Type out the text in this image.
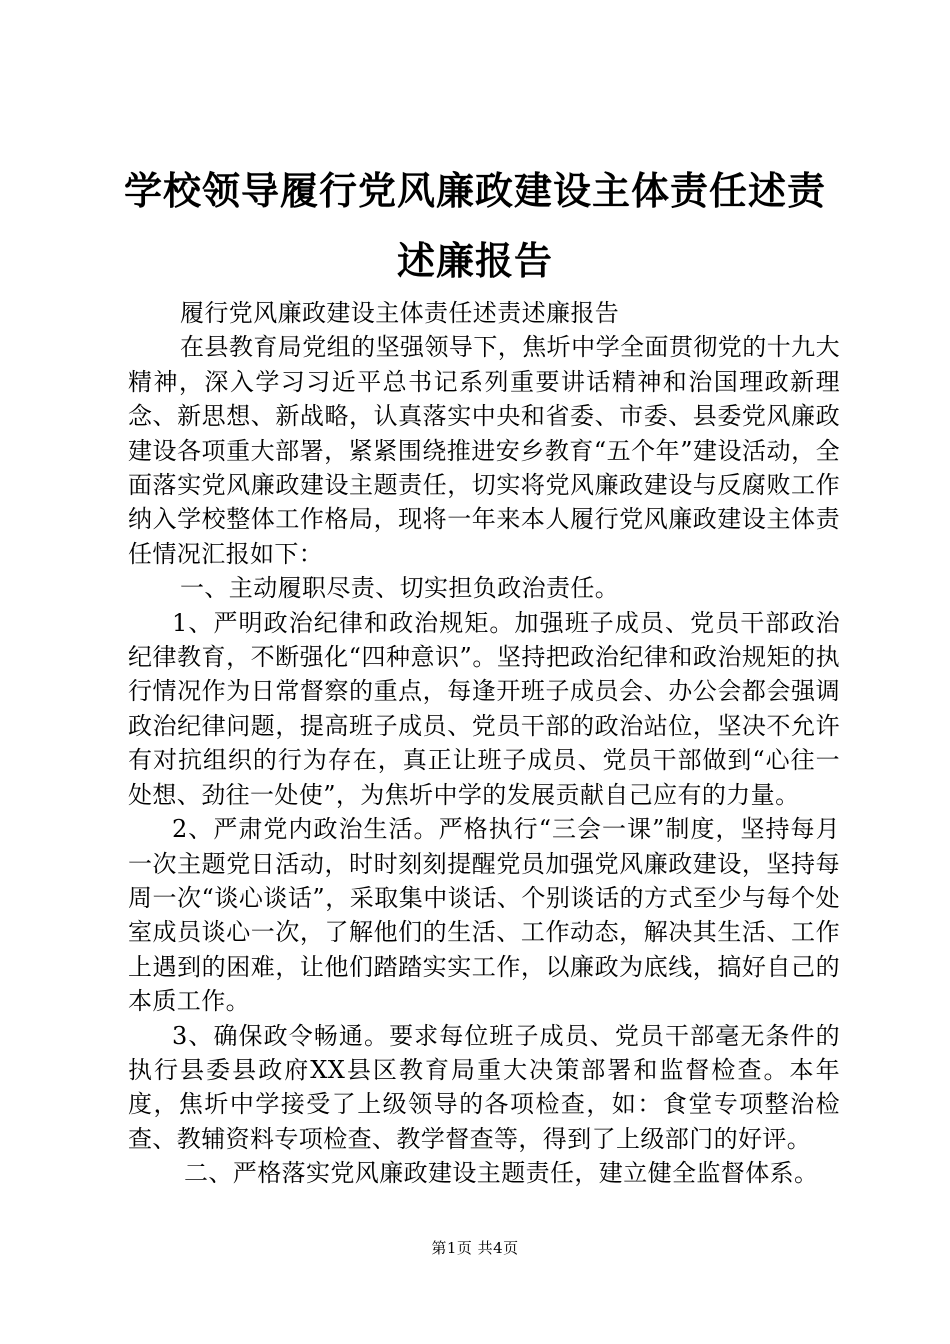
学校领导履行党风廉政建设主体责任述责述廉报告

履行党风廉政建设主体责任述责述廉报告

在县教育局党组的坚强领导下，焦圻中学全面贯彻党的十九大精神，深入学习习近平总书记系列重要讲话精神和治国理政新理念、新思想、新战略，认真落实中央和省委、市委、县委党风廉政建设各项重大部署，紧紧围绕推进安乡教育“五个年”建设活动，全面落实党风廉政建设主题责任，切实将党风廉政建设与反腐败工作纳入学校整体工作格局，现将一年来本人履行党风廉政建设主体责任情况汇报如下：

一、主动履职尽责、切实担负政治责任。

1、严明政治纪律和政治规矩。加强班子成员、党员干部政治纪律教育，不断强化“四种意识”。坚持把政治纪律和政治规矩的执行情况作为日常督察的重点，每逢开班子成员会、办公会都会强调政治纪律问题，提高班子成员、党员干部的政治站位，坚决不允许有对抗组织的行为存在，真正让班子成员、党员干部做到“心往一处想、劲往一处使”，为焦圻中学的发展贡献自己应有的力量。

2、严肃党内政治生活。严格执行“三会一课”制度，坚持每月一次主题党日活动，时时刻刻提醒党员加强党风廉政建设，坚持每周一次“谈心谈话”，采取集中谈话、个别谈话的方式至少与每个处室成员谈心一次，了解他们的生活、工作动态，解决其生活、工作上遇到的困难，让他们踏踏实实工作，以廉政为底线，搞好自己的本质工作。

3、确保政令畅通。要求每位班子成员、党员干部毫无条件的执行县委县政府XX县区教育局重大决策部署和监督检查。本年度，焦圻中学接受了上级领导的各项检查，如：食堂专项整治检查、教辅资料专项检查、教学督查等，得到了上级部门的好评。

二、严格落实党风廉政建设主题责任，建立健全监督体系。

第1页 共4页
